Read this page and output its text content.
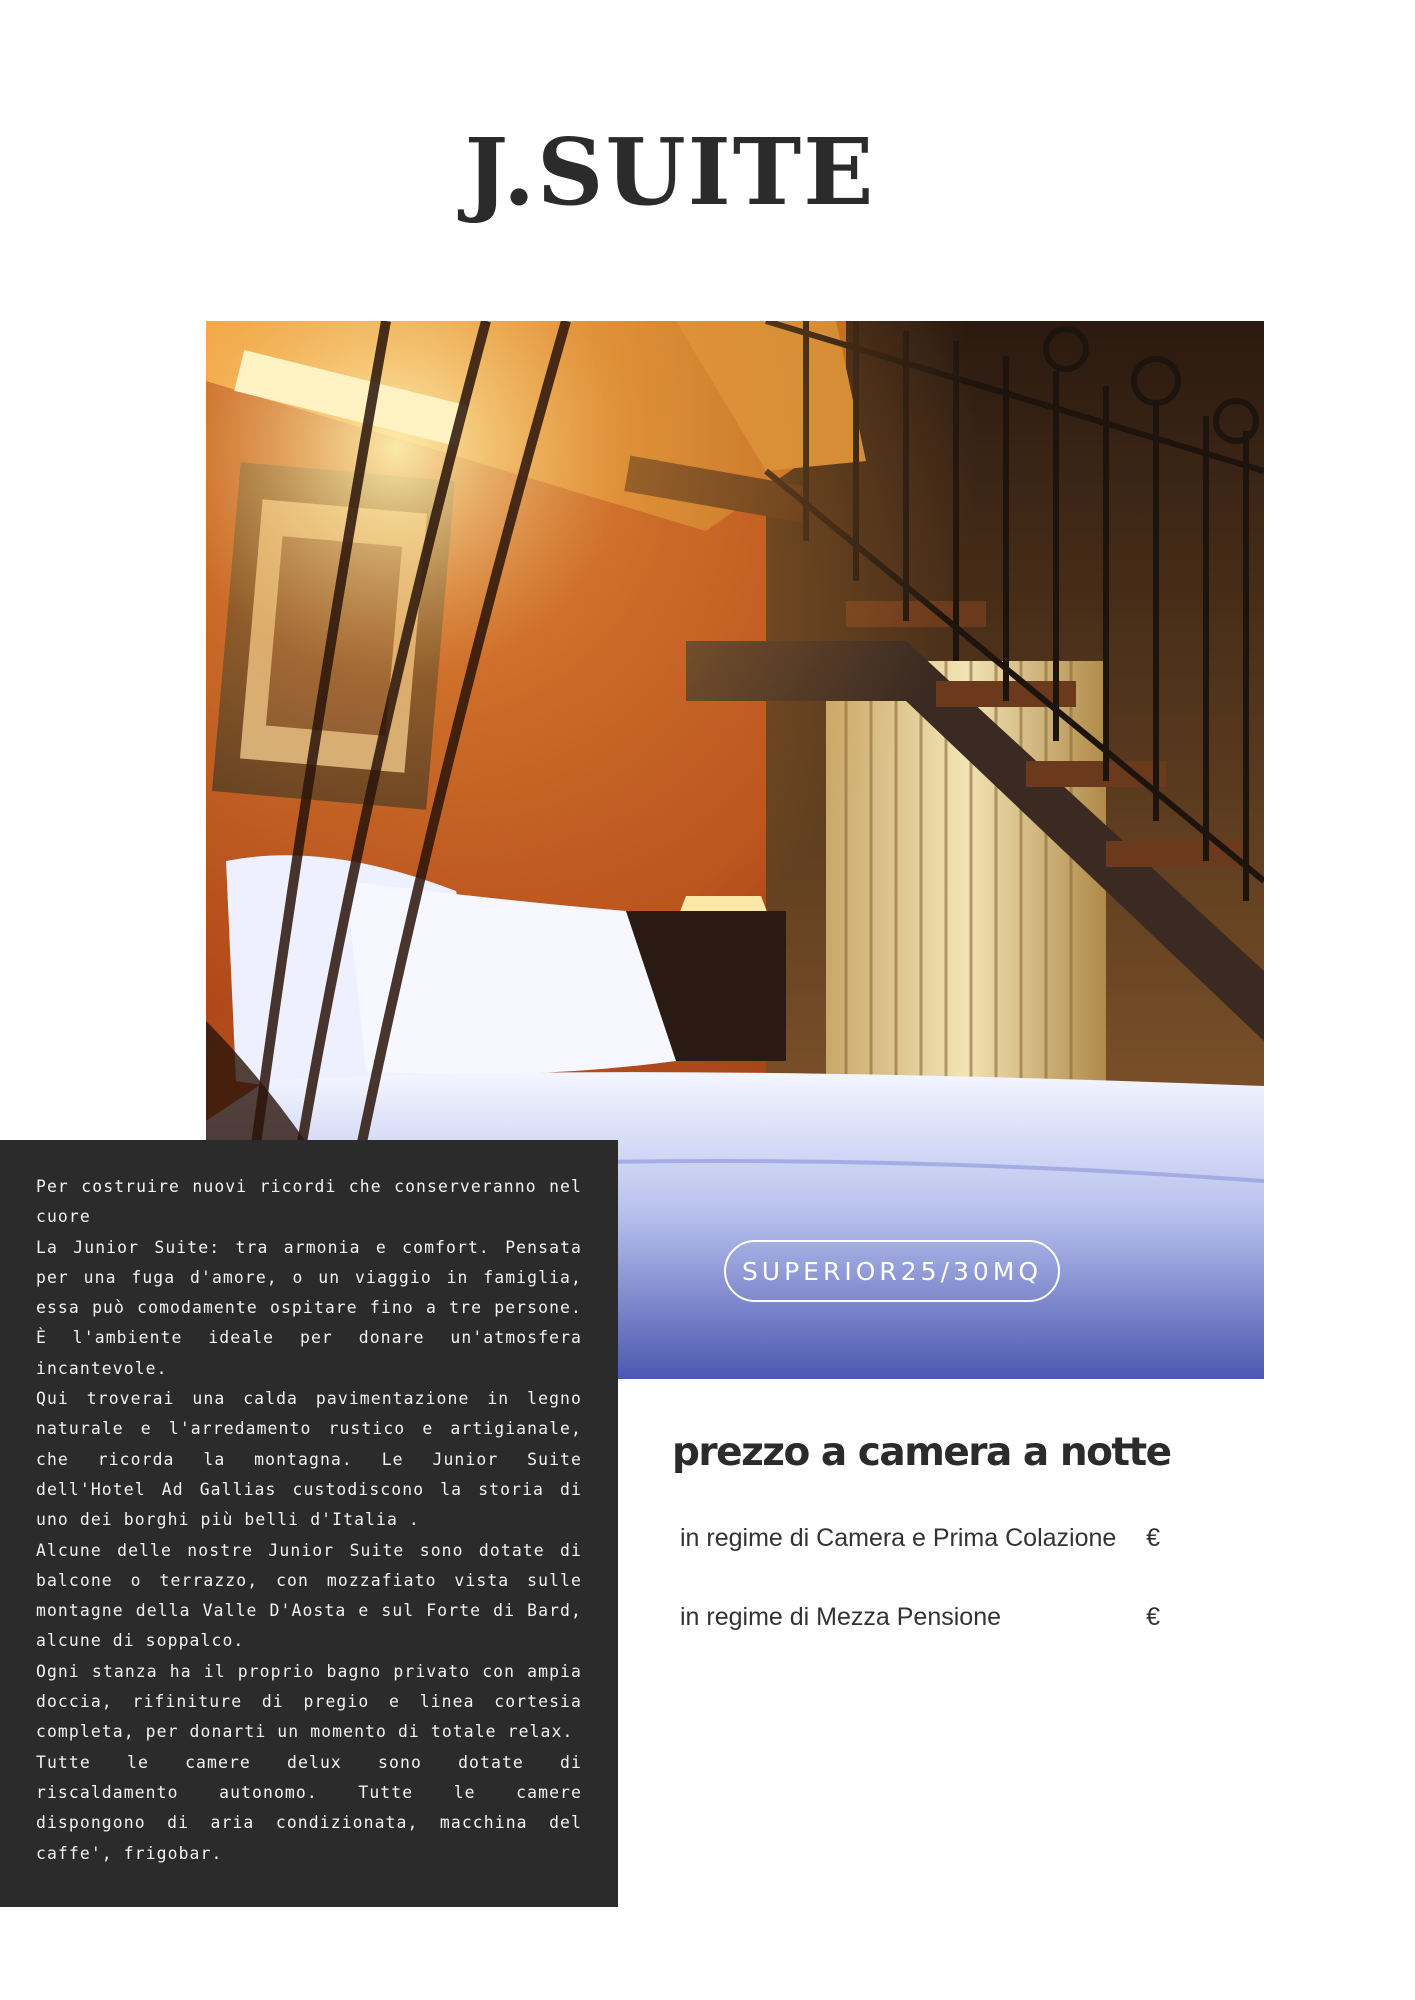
J.SUITE
SUPERIOR25/30MQ

Per costruire nuovi ricordi che conserveranno nel cuore

La Junior Suite: tra armonia e comfort. Pensata per una fuga d'amore, o un viaggio in famiglia, essa può comodamente ospitare fino a tre persone. È l'ambiente ideale per donare un'atmosfera incantevole.

Qui troverai una calda pavimentazione in legno naturale e l'arredamento rustico e artigianale, che ricorda la montagna. Le Junior Suite dell'Hotel Ad Gallias custodiscono la storia di uno dei borghi più belli d'Italia .

Alcune delle nostre Junior Suite sono dotate di balcone o terrazzo, con mozzafiato vista sulle montagne della Valle D'Aosta e sul Forte di Bard, alcune di soppalco.

Ogni stanza ha il proprio bagno privato con ampia doccia, rifiniture di pregio e linea cortesia completa, per donarti un momento di totale relax.

Tutte le camere delux sono dotate di riscaldamento autonomo. Tutte le camere dispongono di aria condizionata, macchina del caffe', frigobar.

prezzo a camera a notte
in regime di Camera e Prima Colazione €
in regime di Mezza Pensione	€
